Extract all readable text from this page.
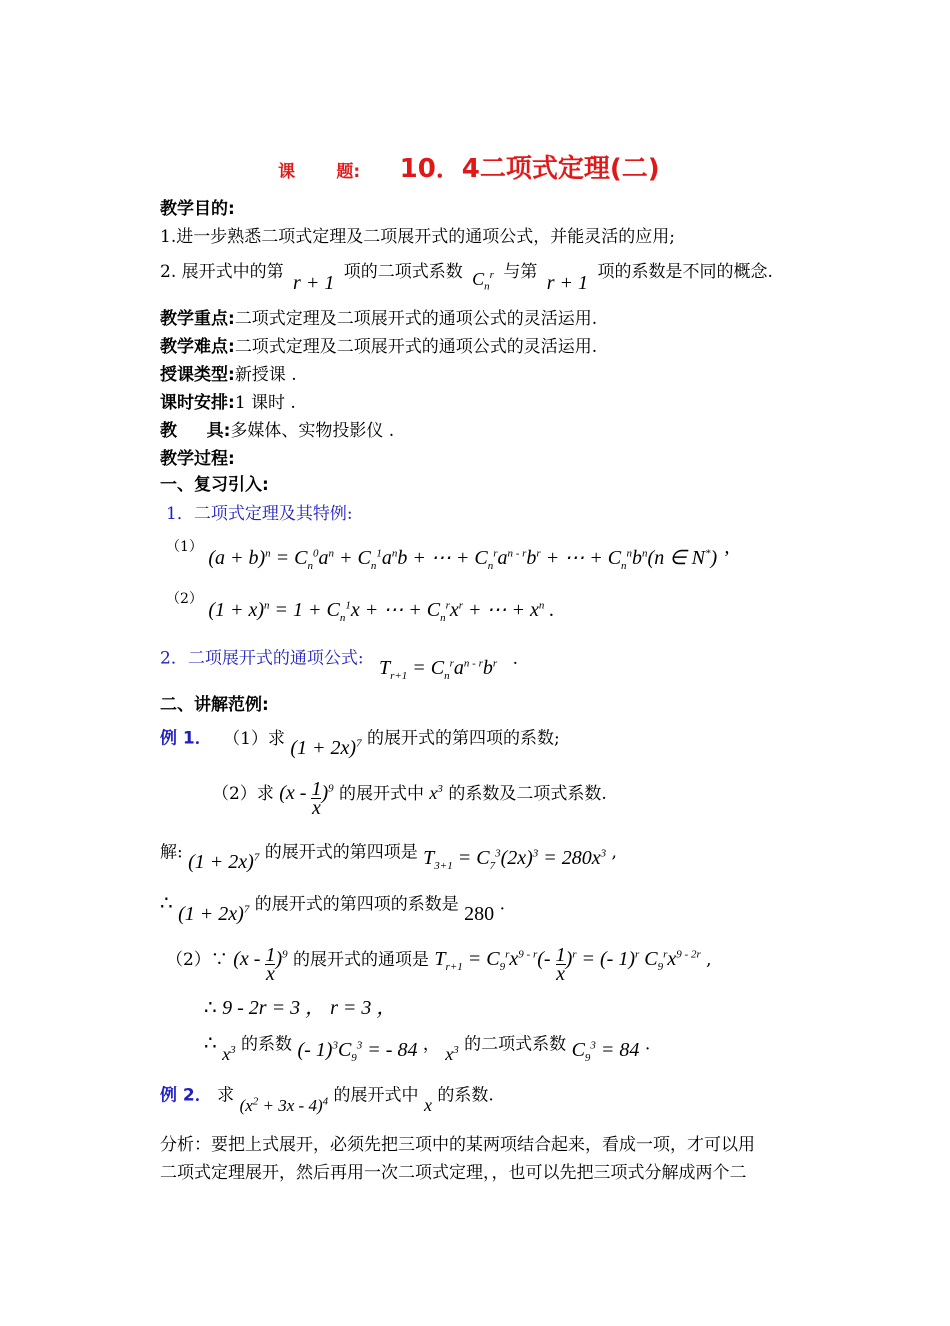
课 题: 10．4二项式定理(二)
教学目的:
1.进一步熟悉二项式定理及二项展开式的通项公式，并能灵活的应用;
2. 展开式中的第 r + 1 项的二项式系数 $C_n^r$ 与第 r + 1 项的系数是不同的概念.
教学重点:二项式定理及二项展开式的通项公式的灵活运用.
教学难点:二项式定理及二项展开式的通项公式的灵活运用.
授课类型:新授课 .
课时安排:1 课时 .
教     具:多媒体、实物投影仪 .
教学过程:
一、复习引入:
1．二项式定理及其特例:
$^{(1)}$ $(a + b)^n = C_n^0a^n + C_n^1a^nb$ + ⋯ + $C_n^ra^{n - r}b^r$ + ⋯ + $C_n^nb^n(n$ ∈ N*) ’
$^{(2)}$ $(1 + x)^n = 1 + C_n^1x$ + ⋯ + $C_n^rx^r$ + ⋯ + $x^n$ .
2．二项展开式的通项公式: $T_{r+1} = C_n^ra^{n - r}b^r$ .
二、讲解范例:
例 1． （1）求 $(1 + 2x)^7$ 的展开式的第四项的系数;
（2）求 $(x - \frac{1}{x} )^9$ 的展开式中 $x^3$ 的系数及二项式系数.
解: $(1 + 2x)^7$ 的展开式的第四项是 $T_{3+1} = C_7^3(2x)^3 = 280x^3$ ,
∴ $(1 + 2x)^7$ 的展开式的第四项的系数是 280 .
（2）∵ $(x - \frac{1}{x} )^9$ 的展开式的通项是 $T_{r+1} = C_9^rx^{9 - r}(- \frac{1}{x} )^r$ = (- 1)$^r$ $C_9^rx^{9 - 2r}$ ,
∴ 9 - 2r = 3 ， r = 3 ，
∴ $x^3$ 的系数 (- $1)^3C_9^3$ = - 84 ， $x^3$ 的二项式系数 $C_9^3 = 84$ .
例 2． 求 $(x^2 + 3x - 4)^4$ 的展开式中 x 的系数.
分析：要把上式展开，必须先把三项中的某两项结合起来，看成一项，才可以用
二项式定理展开，然后再用一次二项式定理，，也可以先把三项式分解成两个二
